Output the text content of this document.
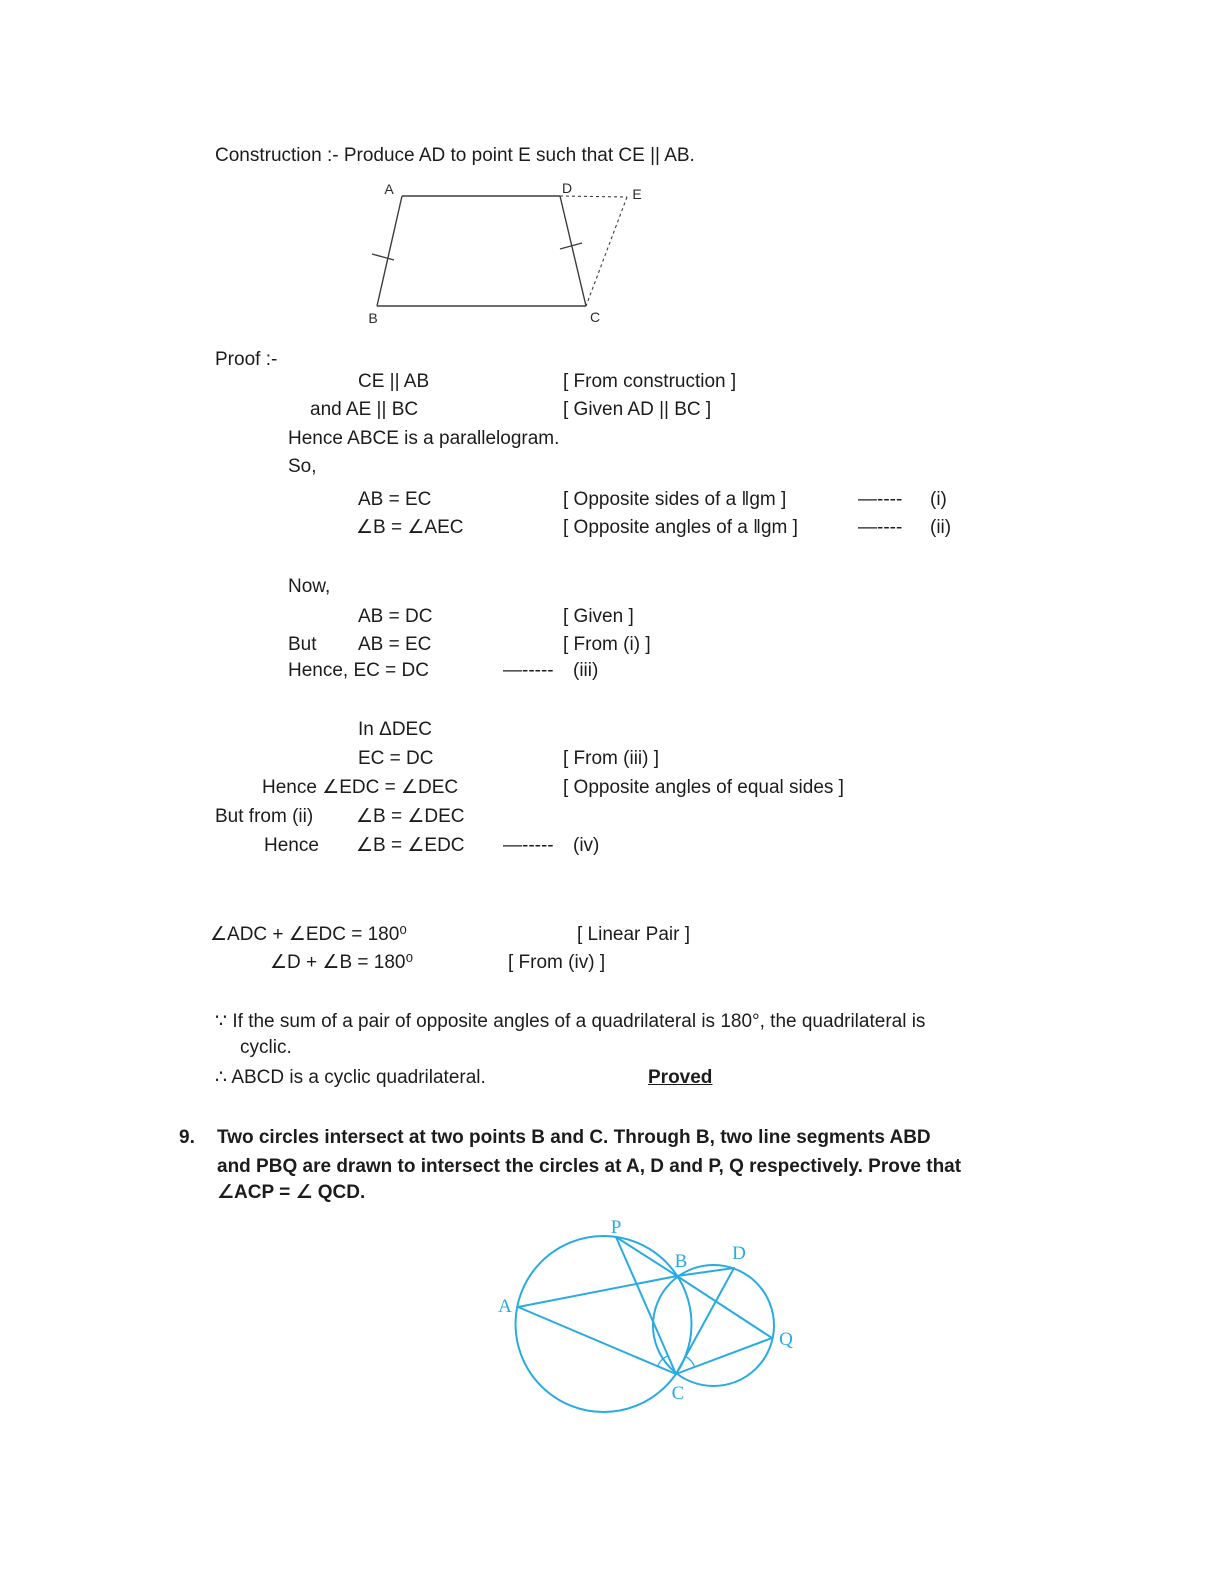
Construction :- Produce AD to point E such that CE || AB.
A	D	E
B	C
Proof :-
CE || AB	[ From construction ]
and AE || BC	[ Given AD || BC ]
Hence ABCE is a parallelogram.
So,
AB = EC	[ Opposite sides of a ‖gm ]	—---- (i)
∠B = ∠AEC	[ Opposite angles of a ‖gm ]	—---- (ii)
Now,
AB = DC	[ Given ]
But AB = EC	[ From (i) ]
Hence, EC = DC	—----- (iii)
In ΔDEC
EC = DC	[ From (iii) ]
Hence ∠EDC = ∠DEC	[ Opposite angles of equal sides ]
But from (ii) ∠B = ∠DEC
Hence ∠B = ∠EDC —----- (iv)
∠ADC + ∠EDC = 180⁰	[ Linear Pair ]
∠D + ∠B = 180⁰	[ From (iv) ]
∵ If the sum of a pair of opposite angles of a quadrilateral is 180°, the quadrilateral is
cyclic.
∴ ABCD is a cyclic quadrilateral.	Proved
9. Two circles intersect at two points B and C. Through B, two line segments ABD
and PBQ are drawn to intersect the circles at A, D and P, Q respectively. Prove that
∠ACP = ∠ QCD.
P
A
B D
Q
C
